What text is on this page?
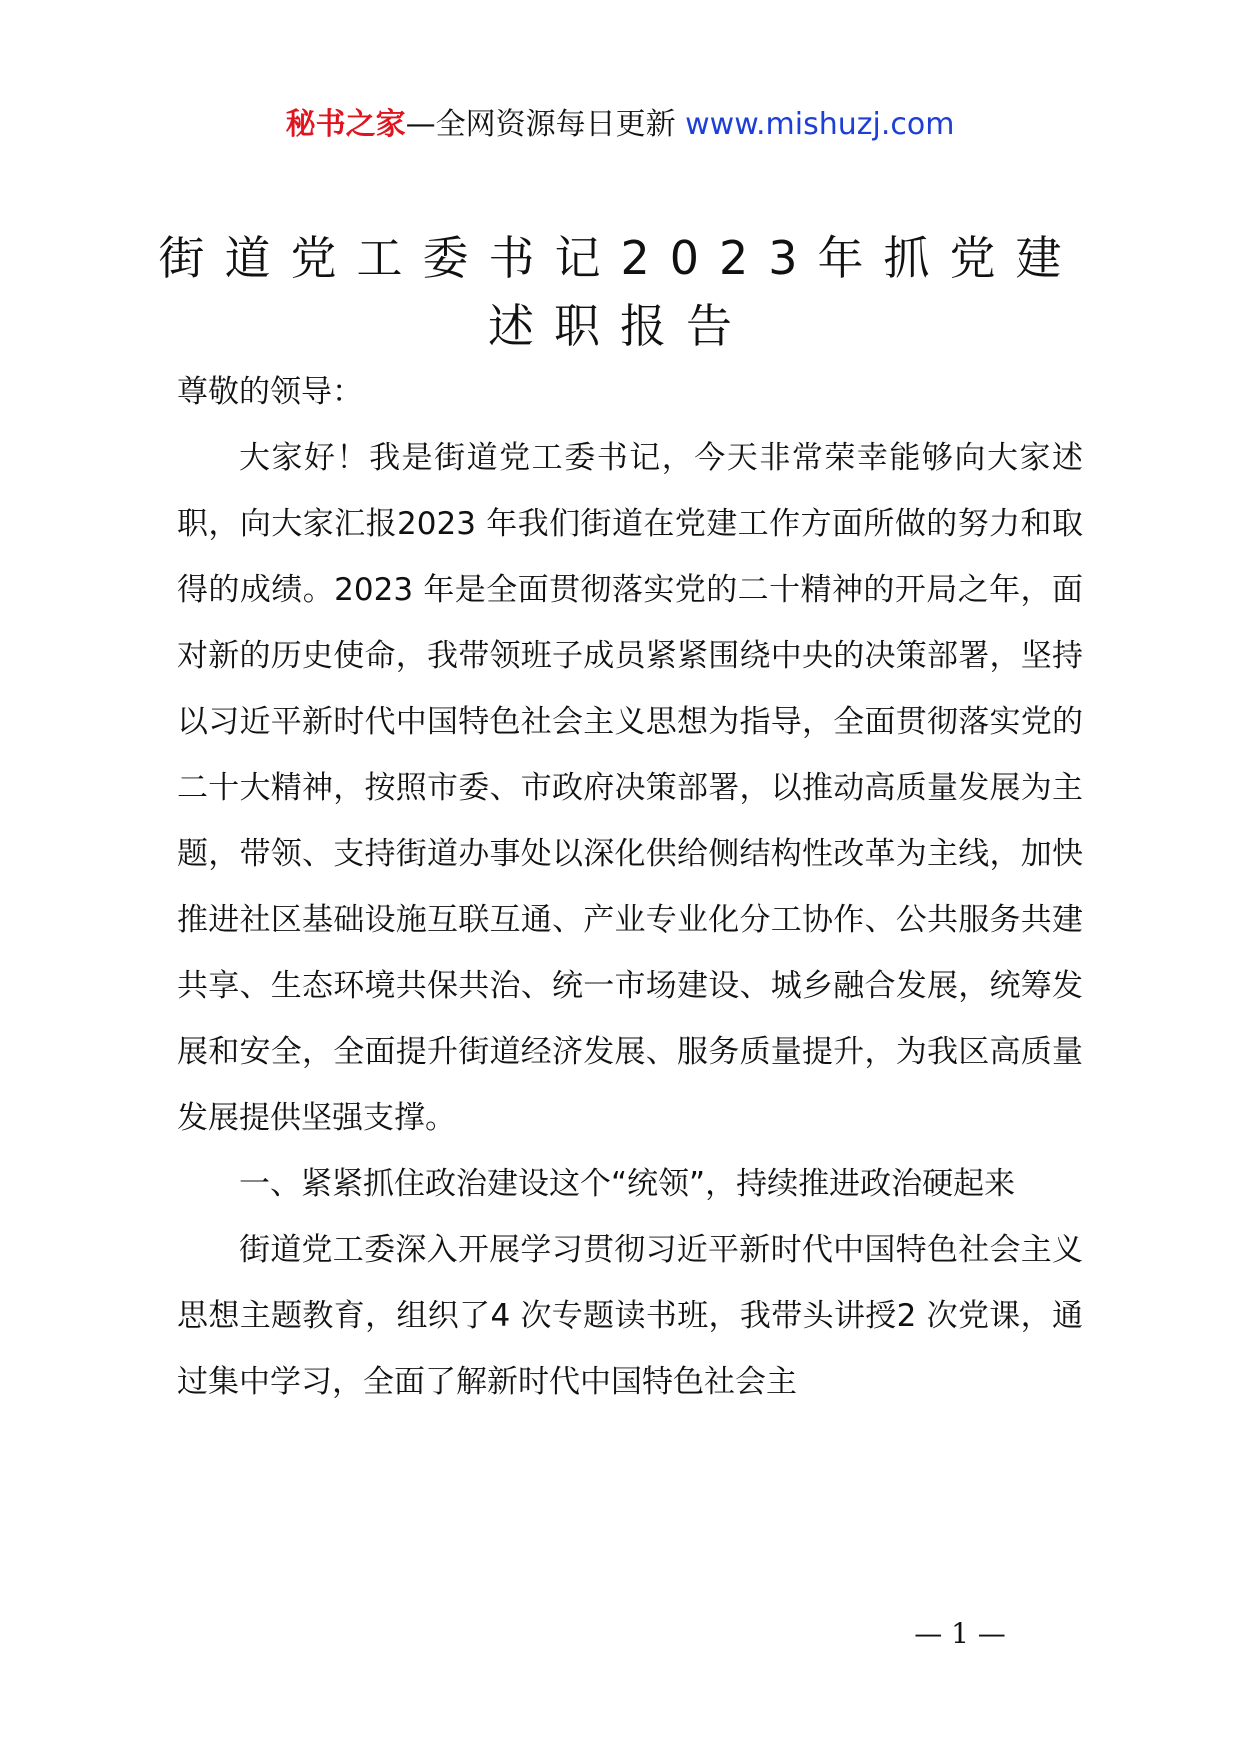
秘书之家—全网资源每日更新 www.mishuzj.com
街道党工委书记2023年抓党建
述职报告

尊敬的领导：

大家好！我是街道党工委书记，今天非常荣幸能够向大家述职，向大家汇报2023 年我们街道在党建工作方面所做的努力和取得的成绩。2023 年是全面贯彻落实党的二十精神的开局之年，面对新的历史使命，我带领班子成员紧紧围绕中央的决策部署，坚持以习近平新时代中国特色社会主义思想为指导，全面贯彻落实党的二十大精神，按照市委、市政府决策部署，以推动高质量发展为主题，带领、支持街道办事处以深化供给侧结构性改革为主线，加快推进社区基础设施互联互通、产业专业化分工协作、公共服务共建共享、生态环境共保共治、统一市场建设、城乡融合发展，统筹发展和安全，全面提升街道经济发展、服务质量提升，为我区高质量发展提供坚强支撑。

一、紧紧抓住政治建设这个“统领”，持续推进政治硬起来

街道党工委深入开展学习贯彻习近平新时代中国特色社会主义思想主题教育，组织了4 次专题读书班，我带头讲授2 次党课，通过集中学习，全面了解新时代中国特色社会主

— 1 —
